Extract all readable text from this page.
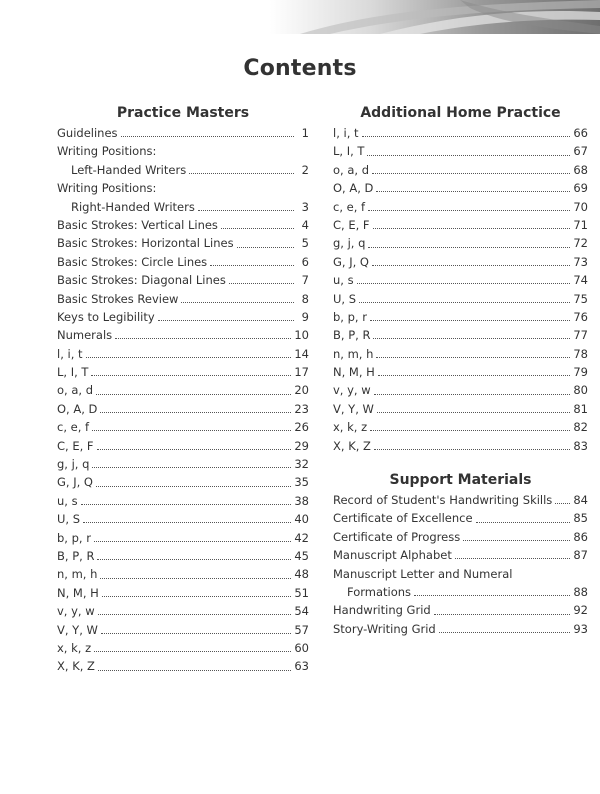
Contents
Practice Masters
Guidelines	1
Writing Positions:
Left-Handed Writers	2
Writing Positions:
Right-Handed Writers	3
Basic Strokes: Vertical Lines	4
Basic Strokes: Horizontal Lines	5
Basic Strokes: Circle Lines	6
Basic Strokes: Diagonal Lines	7
Basic Strokes Review	8
Keys to Legibility	9
Numerals	10
l, i, t	14
L, I, T	17
o, a, d	20
O, A, D	23
c, e, f	26
C, E, F	29
g, j, q	32
G, J, Q	35
u, s	38
U, S	40
b, p, r	42
B, P, R	45
n, m, h	48
N, M, H	51
v, y, w	54
V, Y, W	57
x, k, z	60
X, K, Z	63
Additional Home Practice
l, i, t	66
L, I, T	67
o, a, d	68
O, A, D	69
c, e, f	70
C, E, F	71
g, j, q	72
G, J, Q	73
u, s	74
U, S	75
b, p, r	76
B, P, R	77
n, m, h	78
N, M, H	79
v, y, w	80
V, Y, W	81
x, k, z	82
X, K, Z	83
Support Materials
Record of Student's Handwriting Skills 84
Certificate of Excellence	85
Certificate of Progress	86
Manuscript Alphabet	87
Manuscript Letter and Numeral
Formations	88
Handwriting Grid	92
Story-Writing Grid	93
